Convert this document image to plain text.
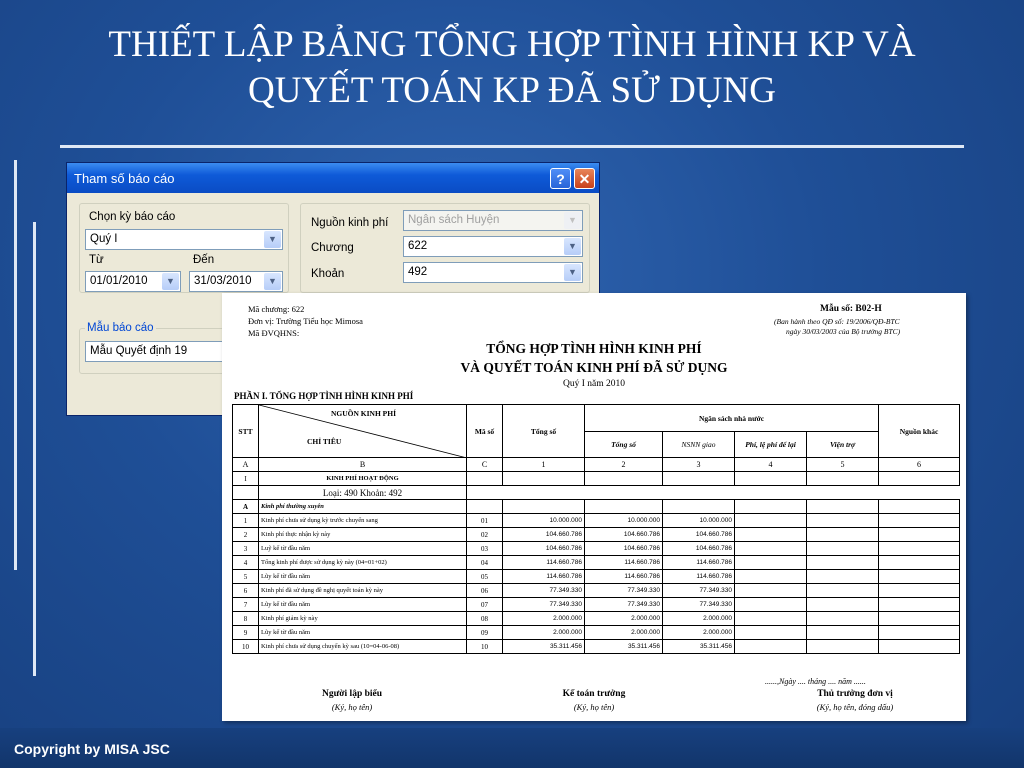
THIẾT LẬP BẢNG TỔNG HỢP TÌNH HÌNH KP VÀ
QUYẾT TOÁN KP ĐÃ SỬ DỤNG
Tham số báo cáo	? ✕
Chọn kỳ báo cáo
Quý I	▼
Từ	Đến
01/01/2010	▼	31/03/2010	▼
Nguồn kinh phí	Ngân sách Huyện	▼
Chương	622	▼
Khoản	492	▼
Mẫu báo cáo
Mẫu Quyết định 19
Mã chương: 622
Đơn vị: Trường Tiểu học Mimosa
Mã ĐVQHNS:
Mẫu số: B02-H
(Ban hành theo QĐ số: 19/2006/QĐ-BTC
ngày 30/03/2003 của Bộ trưởng BTC)
TỔNG HỢP TÌNH HÌNH KINH PHÍ
VÀ QUYẾT TOÁN KINH PHÍ ĐÃ SỬ DỤNG
Quý I năm 2010
PHẦN I. TỔNG HỢP TÌNH HÌNH KINH PHÍ
STT	NGUỒN KINH PHÍ
CHỈ TIÊU	Mã số	Tổng số	Ngân sách nhà nước				Nguồn khác
				Tổng số	NSNN giao	Phí, lệ phí để lại	Viện trợ	
A	B	C	1	2	3	4	5	6
I	KINH PHÍ HOẠT ĐỘNG							
	Loại: 490 Khoản: 492							
A	Kinh phí thường xuyên							
1	Kinh phí chưa sử dụng kỳ trước chuyển sang	01	10.000.000	10.000.000	10.000.000			
2	Kinh phí thực nhận kỳ này	02	104.660.786	104.660.786	104.660.786			
3	Luỹ kế từ đầu năm	03	104.660.786	104.660.786	104.660.786			
4	Tổng kinh phí được sử dụng kỳ này (04=01+02)	04	114.660.786	114.660.786	114.660.786			
5	Lũy kế từ đầu năm	05	114.660.786	114.660.786	114.660.786			
6	Kinh phí đã sử dụng đề nghị quyết toán kỳ này	06	77.349.330	77.349.330	77.349.330			
7	Lũy kế từ đầu năm	07	77.349.330	77.349.330	77.349.330			
8	Kinh phí giảm kỳ này	08	2.000.000	2.000.000	2.000.000			
9	Lũy kế từ đầu năm	09	2.000.000	2.000.000	2.000.000			
10	Kinh phí chưa sử dụng chuyển kỳ sau (10=04-06-08)	10	35.311.456	35.311.456	35.311.456			
......,Ngày .... tháng .... năm ......
Người lập biểu
(Ký, họ tên)
Kế toán trưởng
(Ký, họ tên)
Thủ trưởng đơn vị
(Ký, họ tên, đóng dấu)
Copyright by MISA JSC
